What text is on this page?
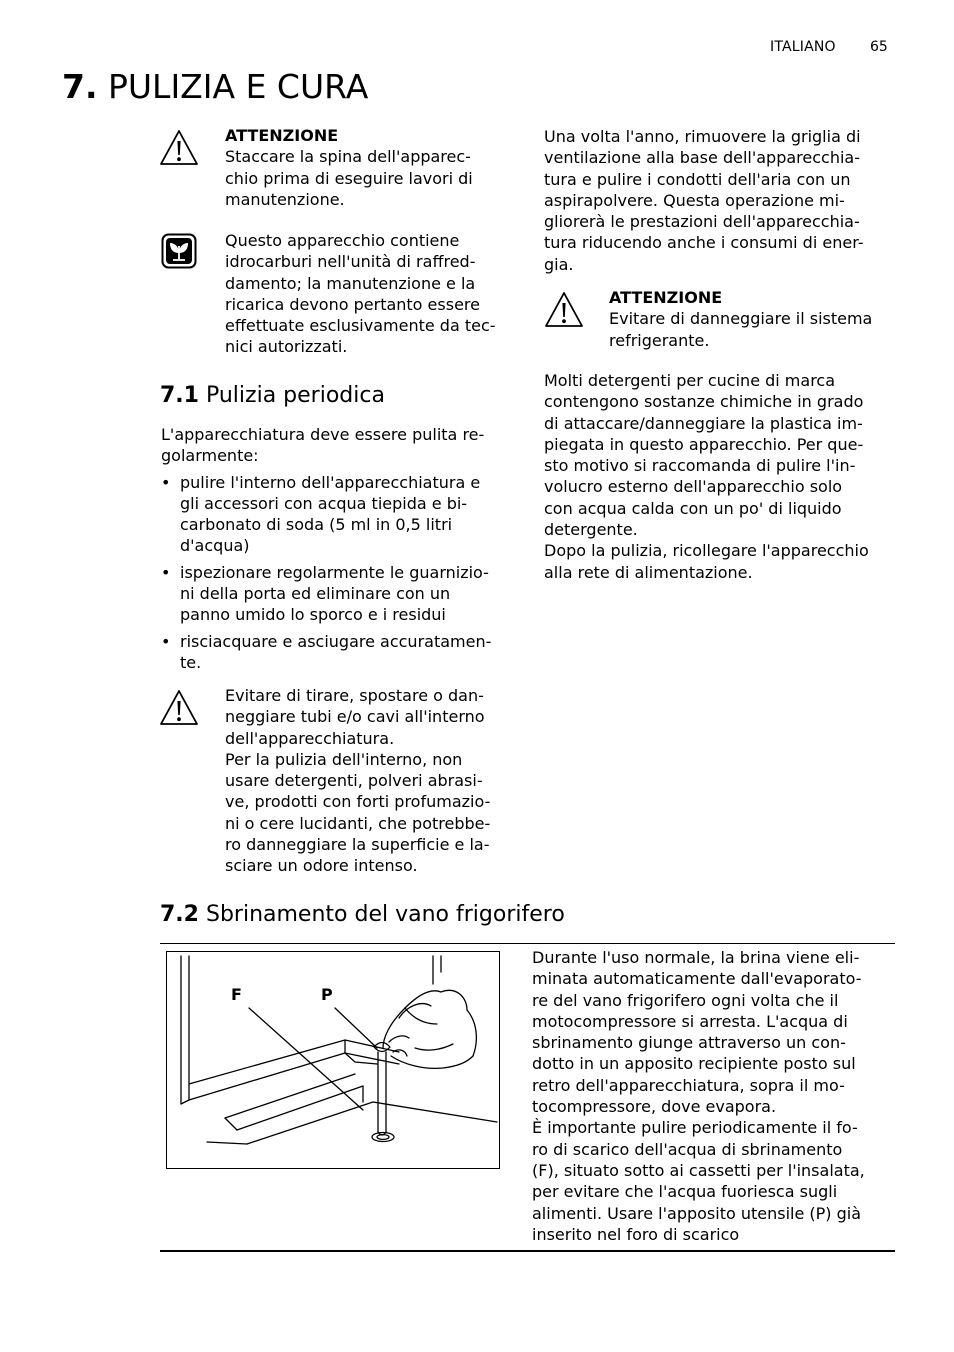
ITALIANO 65
7. PULIZIA E CURA
ATTENZIONE
Staccare la spina dell'apparec-
chio prima di eseguire lavori di
manutenzione.
Questo apparecchio contiene
idrocarburi nell'unità di raffred-
damento; la manutenzione e la
ricarica devono pertanto essere
effettuate esclusivamente da tec-
nici autorizzati.
7.1 Pulizia periodica
L'apparecchiatura deve essere pulita re-
golarmente:
• pulire l'interno dell'apparecchiatura e
gli accessori con acqua tiepida e bi-
carbonato di soda (5 ml in 0,5 litri
d'acqua)
• ispezionare regolarmente le guarnizio-
ni della porta ed eliminare con un
panno umido lo sporco e i residui
• risciacquare e asciugare accuratamen-
te.
Evitare di tirare, spostare o dan-
neggiare tubi e/o cavi all'interno
dell'apparecchiatura.
Per la pulizia dell'interno, non
usare detergenti, polveri abrasi-
ve, prodotti con forti profumazio-
ni o cere lucidanti, che potrebbe-
ro danneggiare la superficie e la-
sciare un odore intenso.
Una volta l'anno, rimuovere la griglia di
ventilazione alla base dell'apparecchia-
tura e pulire i condotti dell'aria con un
aspirapolvere. Questa operazione mi-
gliorerà le prestazioni dell'apparecchia-
tura riducendo anche i consumi di ener-
gia.
ATTENZIONE
Evitare di danneggiare il sistema
refrigerante.
Molti detergenti per cucine di marca
contengono sostanze chimiche in grado
di attaccare/danneggiare la plastica im-
piegata in questo apparecchio. Per que-
sto motivo si raccomanda di pulire l'in-
volucro esterno dell'apparecchio solo
con acqua calda con un po' di liquido
detergente.
Dopo la pulizia, ricollegare l'apparecchio
alla rete di alimentazione.
7.2 Sbrinamento del vano frigorifero
F	P
Durante l'uso normale, la brina viene eli-
minata automaticamente dall'evaporato-
re del vano frigorifero ogni volta che il
motocompressore si arresta. L'acqua di
sbrinamento giunge attraverso un con-
dotto in un apposito recipiente posto sul
retro dell'apparecchiatura, sopra il mo-
tocompressore, dove evapora.
È importante pulire periodicamente il fo-
ro di scarico dell'acqua di sbrinamento
(F), situato sotto ai cassetti per l'insalata,
per evitare che l'acqua fuoriesca sugli
alimenti. Usare l'apposito utensile (P) già
inserito nel foro di scarico
